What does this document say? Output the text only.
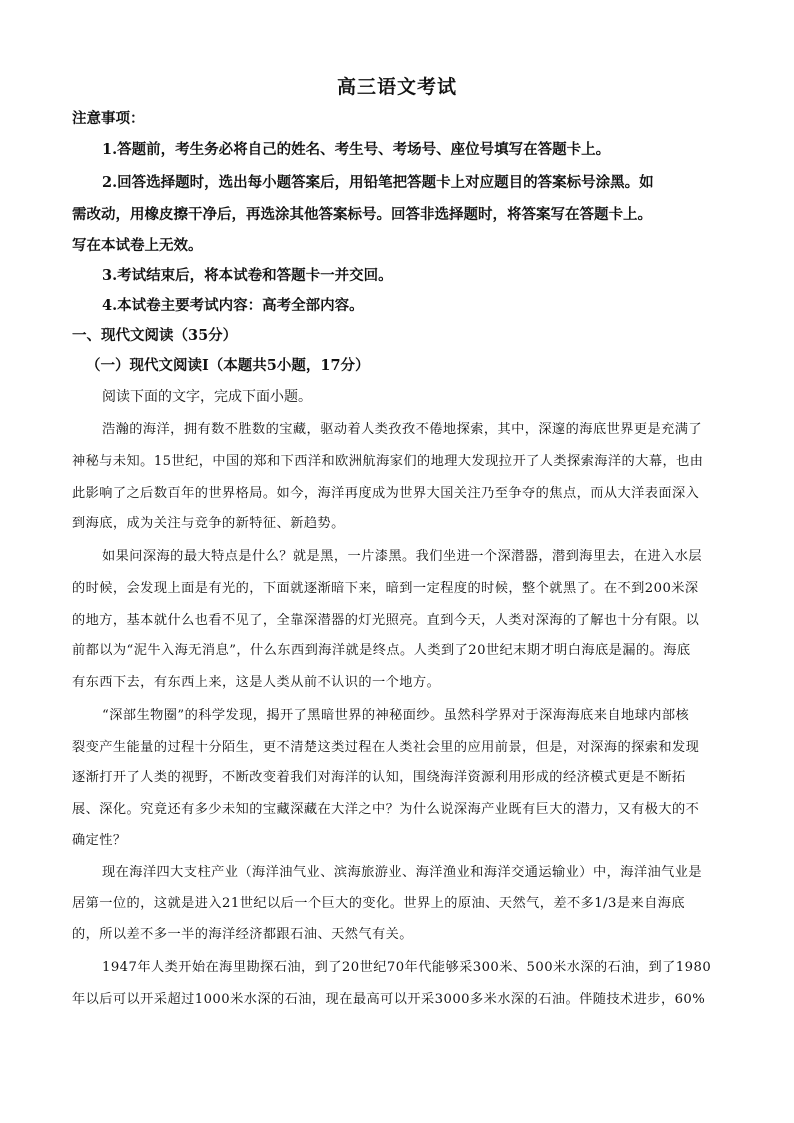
高三语文考试
注意事项：
1.答题前，考生务必将自己的姓名、考生号、考场号、座位号填写在答题卡上。
2.回答选择题时，选出每小题答案后，用铅笔把答题卡上对应题目的答案标号涂黑。如
需改动，用橡皮擦干净后，再选涂其他答案标号。回答非选择题时，将答案写在答题卡上。
写在本试卷上无效。
3.考试结束后，将本试卷和答题卡一并交回。
4.本试卷主要考试内容：高考全部内容。
一、现代文阅读（35分）
（一）现代文阅读Ⅰ（本题共5小题，17分）
阅读下面的文字，完成下面小题。
浩瀚的海洋，拥有数不胜数的宝藏，驱动着人类孜孜不倦地探索，其中，深邃的海底世界更是充满了
神秘与未知。15世纪，中国的郑和下西洋和欧洲航海家们的地理大发现拉开了人类探索海洋的大幕，也由
此影响了之后数百年的世界格局。如今，海洋再度成为世界大国关注乃至争夺的焦点，而从大洋表面深入
到海底，成为关注与竞争的新特征、新趋势。
如果问深海的最大特点是什么？就是黑，一片漆黑。我们坐进一个深潜器，潜到海里去，在进入水层
的时候，会发现上面是有光的，下面就逐渐暗下来，暗到一定程度的时候，整个就黑了。在不到200米深
的地方，基本就什么也看不见了，全靠深潜器的灯光照亮。直到今天，人类对深海的了解也十分有限。以
前都以为“泥牛入海无消息”，什么东西到海洋就是终点。人类到了20世纪末期才明白海底是漏的。海底
有东西下去，有东西上来，这是人类从前不认识的一个地方。
“深部生物圈”的科学发现，揭开了黑暗世界的神秘面纱。虽然科学界对于深海海底来自地球内部核
裂变产生能量的过程十分陌生，更不清楚这类过程在人类社会里的应用前景，但是，对深海的探索和发现
逐渐打开了人类的视野，不断改变着我们对海洋的认知，围绕海洋资源利用形成的经济模式更是不断拓
展、深化。究竟还有多少未知的宝藏深藏在大洋之中？为什么说深海产业既有巨大的潜力，又有极大的不
确定性？
现在海洋四大支柱产业（海洋油气业、滨海旅游业、海洋渔业和海洋交通运输业）中，海洋油气业是
居第一位的，这就是进入21世纪以后一个巨大的变化。世界上的原油、天然气，差不多1/3是来自海底
的，所以差不多一半的海洋经济都跟石油、天然气有关。
1947年人类开始在海里勘探石油，到了20世纪70年代能够采300米、500米水深的石油，到了1980
年以后可以开采超过1000米水深的石油，现在最高可以开采3000多米水深的石油。伴随技术进步，60%
